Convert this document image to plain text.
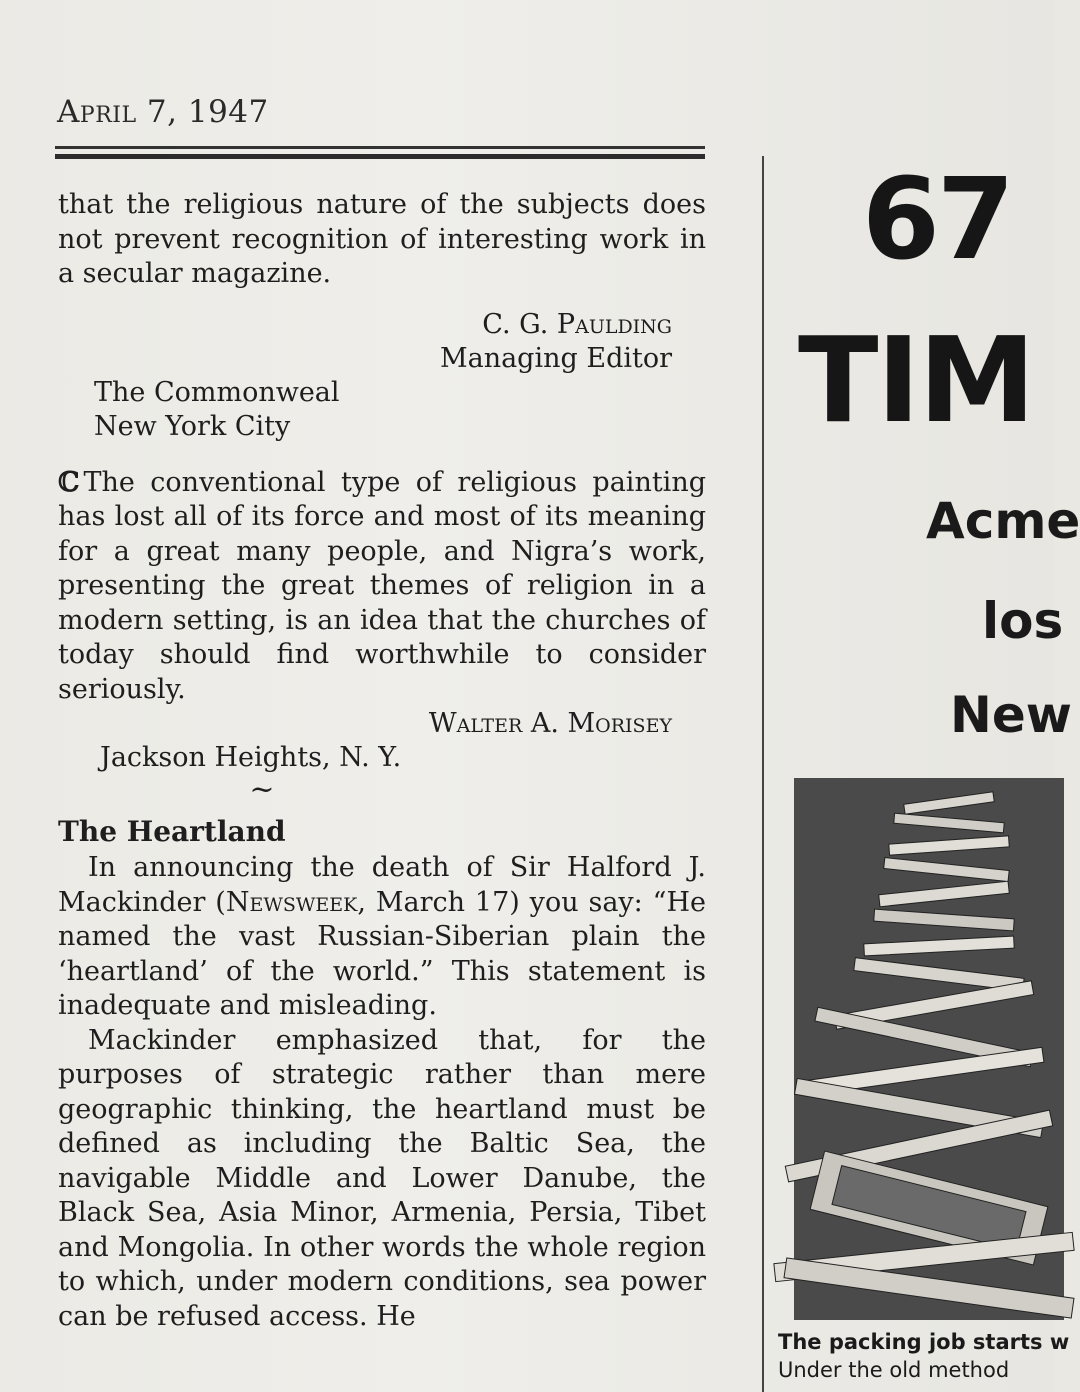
April 7, 1947

that the religious nature of the subjects does not prevent recognition of interesting work in a secular magazine.

C. G. Paulding
Managing Editor
The Commonweal
New York City

ℂ The conventional type of religious painting has lost all of its force and most of its meaning for a great many people, and Nigra’s work, presenting the great themes of religion in a modern setting, is an idea that the churches of today should find worthwhile to consider seriously.

Walter A. Morisey
Jackson Heights, N. Y.
~
The Heartland

In announcing the death of Sir Halford J. Mackinder (Newsweek, March 17) you say: “He named the vast Russian-Siberian plain the ‘heartland’ of the world.” This statement is inadequate and misleading.

Mackinder emphasized that, for the purposes of strategic rather than mere geographic thinking, the heartland must be defined as including the Baltic Sea, the navigable Middle and Lower Danube, the Black Sea, Asia Minor, Armenia, Persia, Tibet and Mongolia. In other words the whole region to which, under modern conditions, sea power can be refused access. He

67
TIM
Acme
los
New
The packing job starts w
Under the old method
